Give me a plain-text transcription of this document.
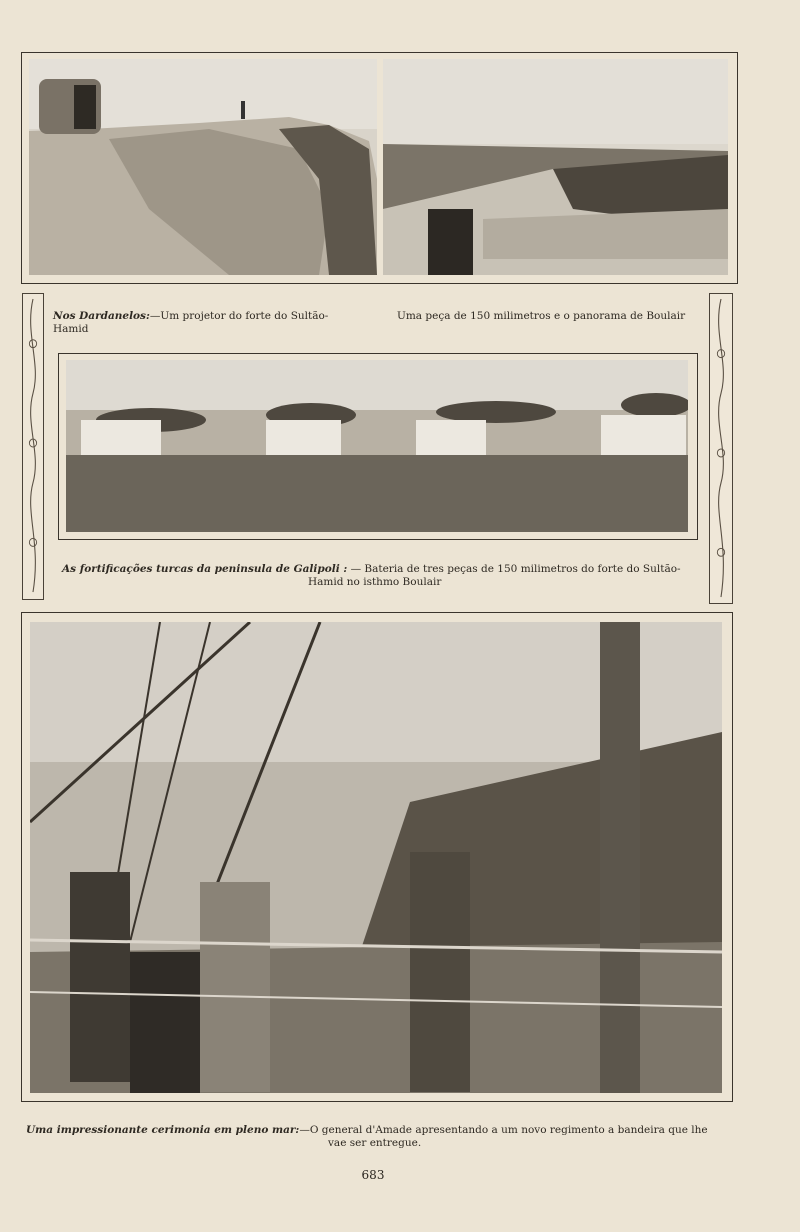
Nos Dardanelos:—Um projetor do forte do Sultão-Hamid
Uma peça de 150 milimetros e o panorama de Boulair
As fortificações turcas da peninsula de Galipoli : — Bateria de tres peças de 150 milimetros do forte do Sultão-
Hamid no isthmo Boulair
Uma impressionante cerimonia em pleno mar:—O general d'Amade apresentando a um novo regimento a bandeira que lhe
vae ser entregue.
683
